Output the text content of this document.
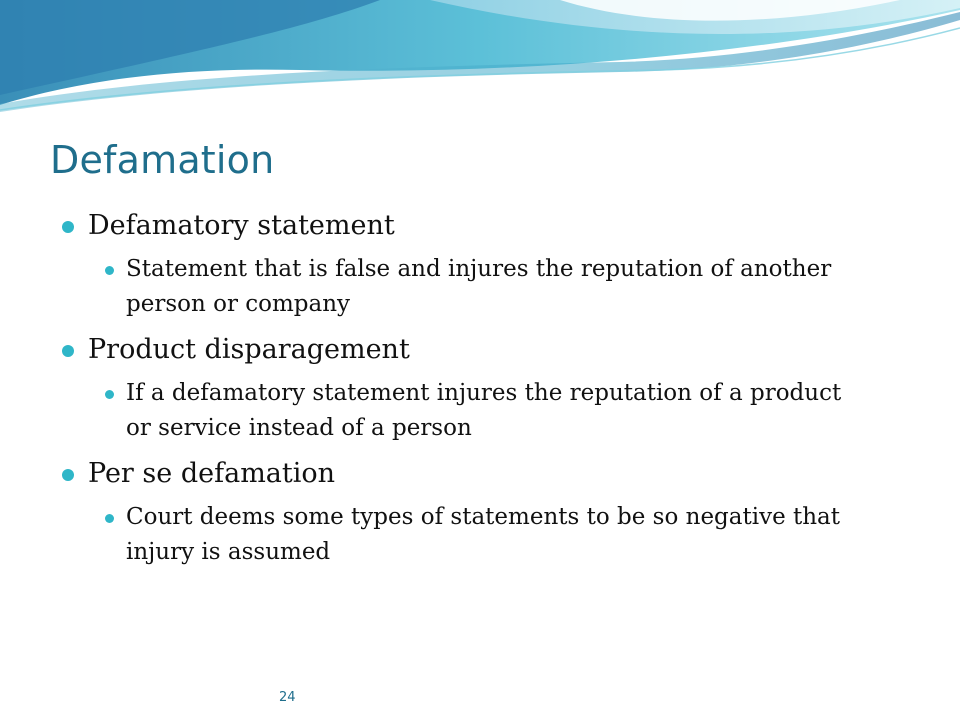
Defamation
Defamatory statement
Statement that is false and injures the reputation of another person or company
Product disparagement
If a defamatory statement injures the reputation of a product or service instead of a person
Per se defamation
Court deems some types of statements to be so negative that injury is assumed
24
